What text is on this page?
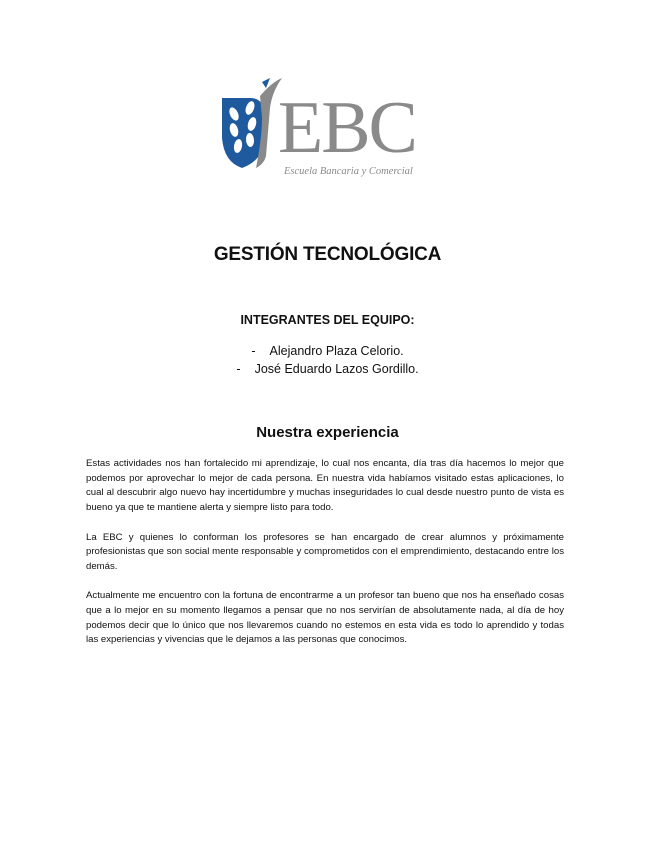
EBC
Escuela Bancaria y Comercial
GESTIÓN TECNOLÓGICA
INTEGRANTES DEL EQUIPO:
- Alejandro Plaza Celorio.
- José Eduardo Lazos Gordillo.
Nuestra experiencia

Estas actividades nos han fortalecido mi aprendizaje, lo cual nos encanta, día tras día hacemos lo mejor que podemos por aprovechar lo mejor de cada persona. En nuestra vida habíamos visitado estas aplicaciones, lo cual al descubrir algo nuevo hay incertidumbre y muchas inseguridades lo cual desde nuestro punto de vista es bueno ya que te mantiene alerta y siempre listo para todo.

La EBC y quienes lo conforman los profesores se han encargado de crear alumnos y próximamente profesionistas que son social mente responsable y comprometidos con el emprendimiento, destacando entre los demás.

Actualmente me encuentro con la fortuna de encontrarme a un profesor tan bueno que nos ha enseñado cosas que a lo mejor en su momento llegamos a pensar que no nos servirían de absolutamente nada, al día de hoy podemos decir que lo único que nos llevaremos cuando no estemos en esta vida es todo lo aprendido y todas las experiencias y vivencias que le dejamos a las personas que conocimos.
